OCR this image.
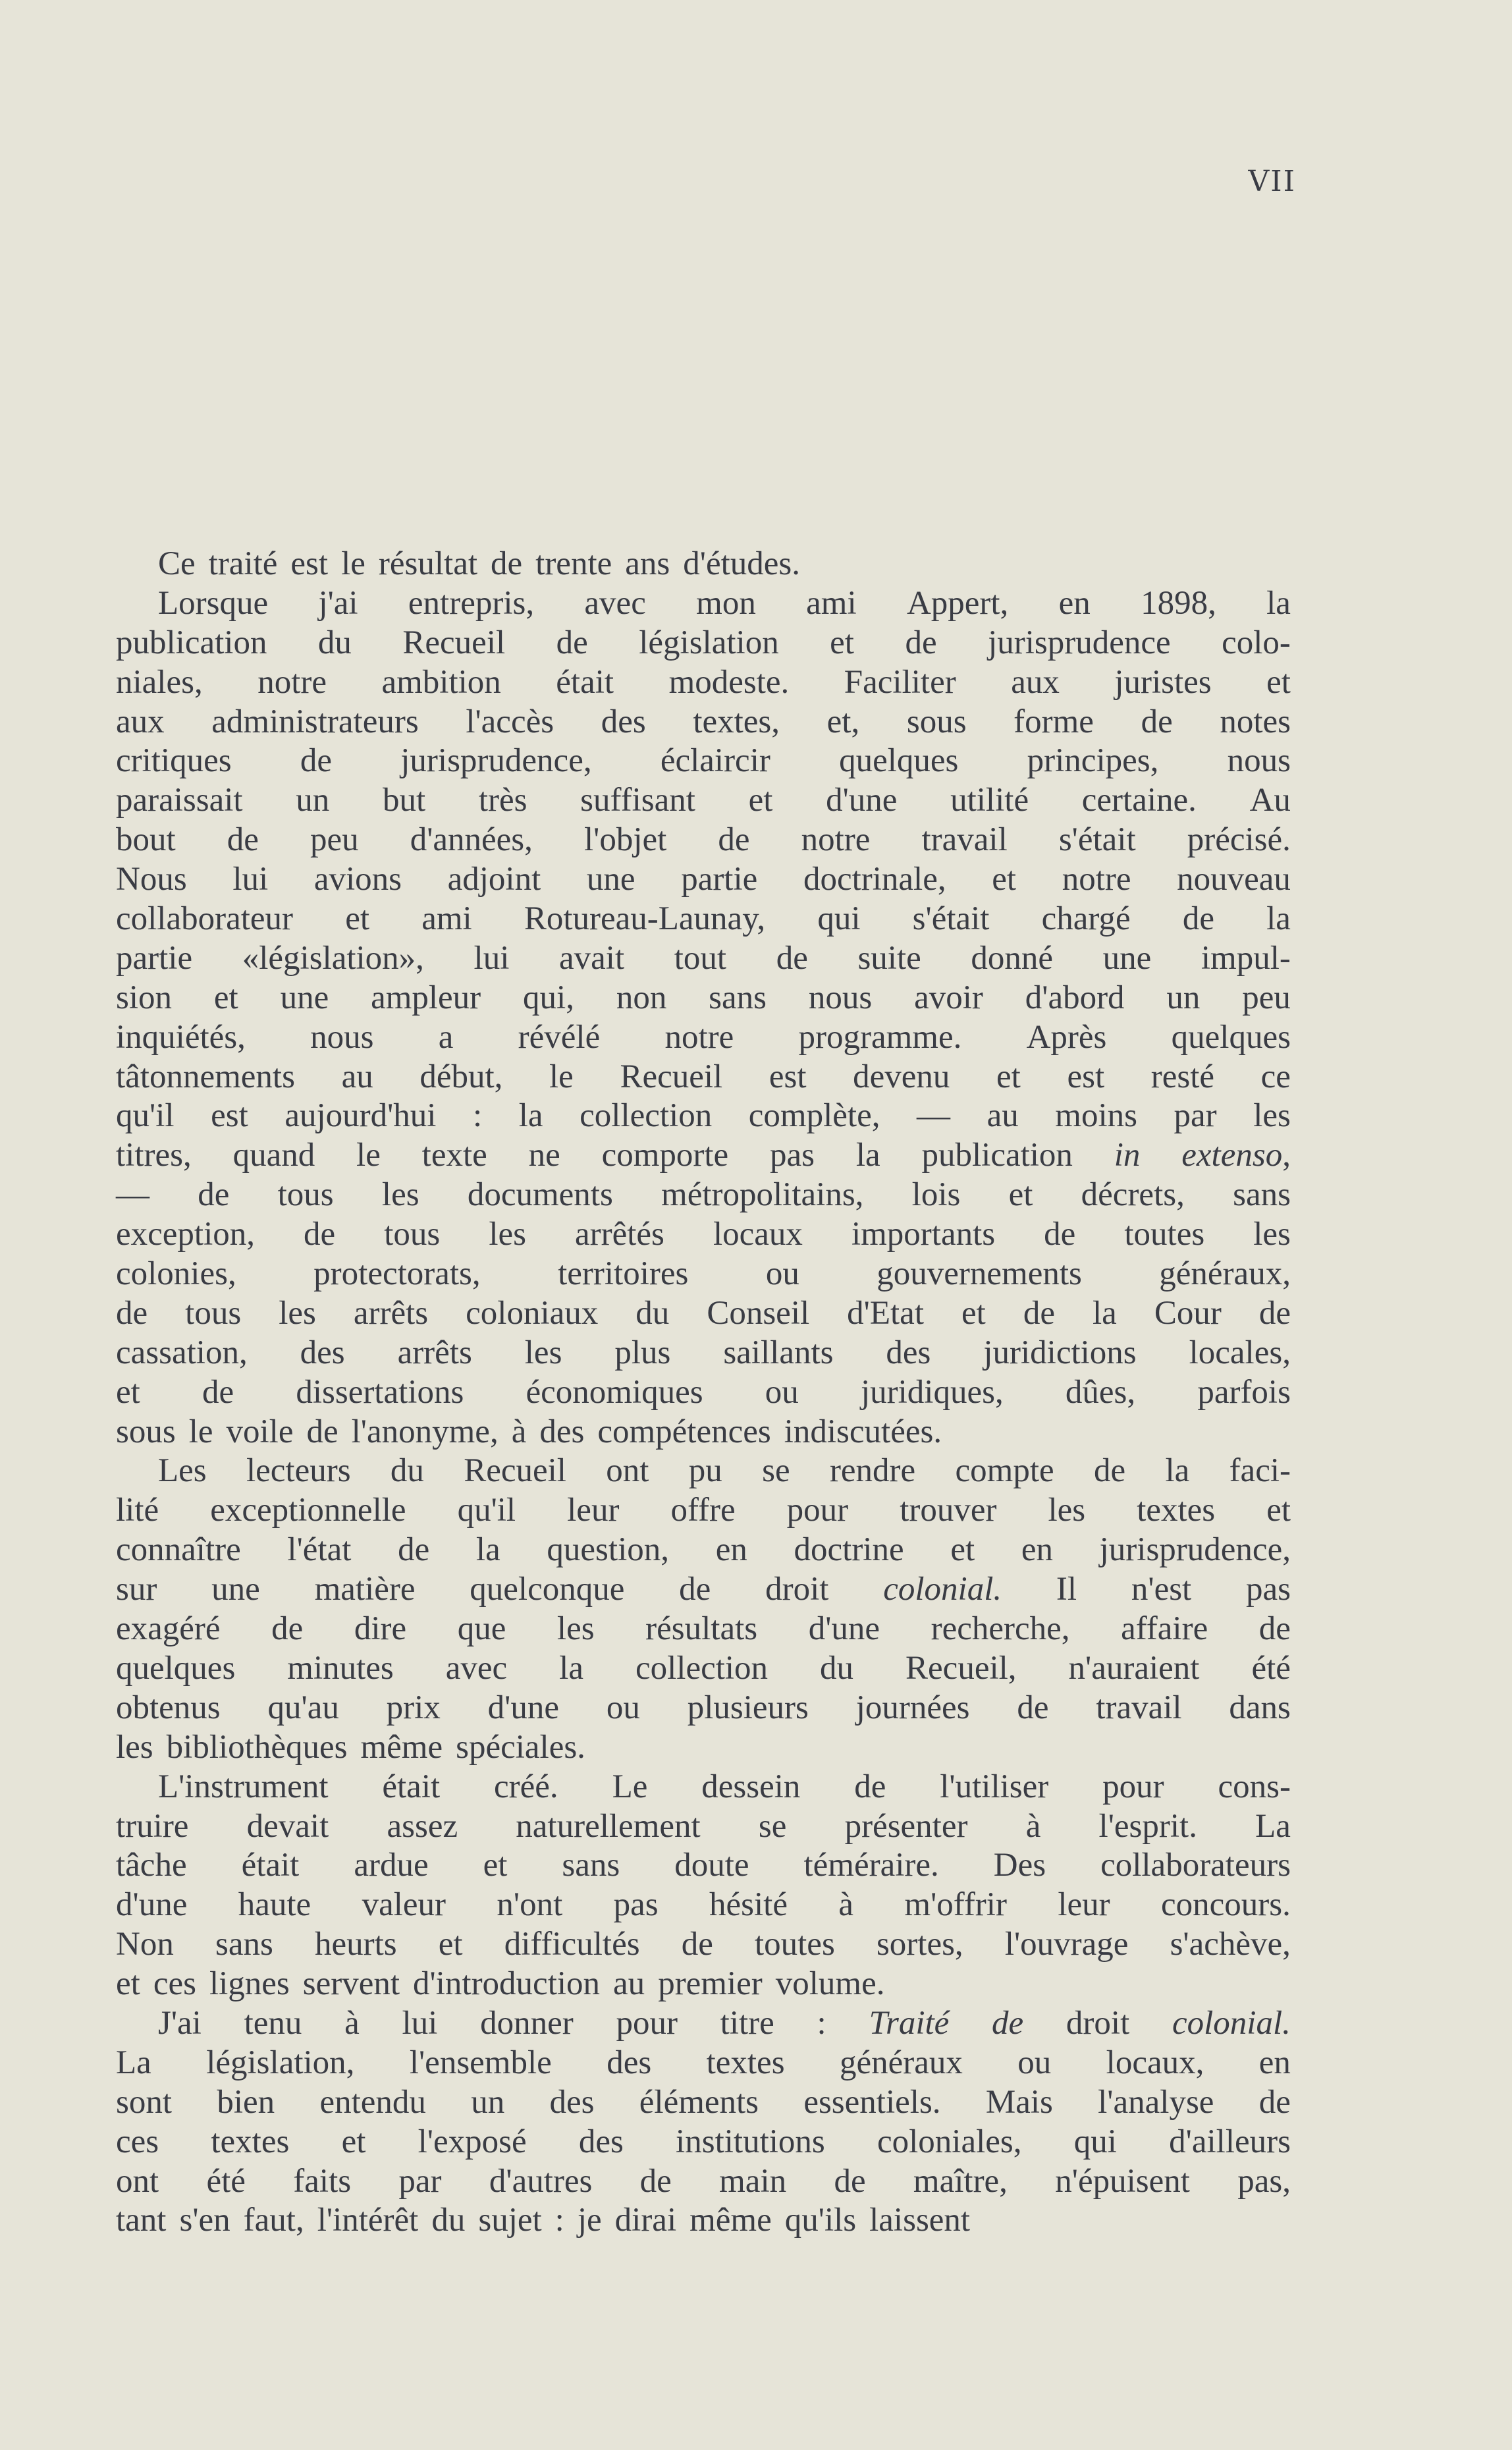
VII
Ce traité est le résultat de trente ans d'études.
Lorsque j'ai entrepris, avec mon ami Appert, en 1898, la
publication du Recueil de législation et de jurisprudence colo-
niales, notre ambition était modeste. Faciliter aux juristes et
aux administrateurs l'accès des textes, et, sous forme de notes
critiques de jurisprudence, éclaircir quelques principes, nous
paraissait un but très suffisant et d'une utilité certaine. Au
bout de peu d'années, l'objet de notre travail s'était précisé.
Nous lui avions adjoint une partie doctrinale, et notre nouveau
collaborateur et ami Rotureau-Launay, qui s'était chargé de la
partie «législation», lui avait tout de suite donné une impul-
sion et une ampleur qui, non sans nous avoir d'abord un peu
inquiétés, nous a révélé notre programme. Après quelques
tâtonnements au début, le Recueil est devenu et est resté ce
qu'il est aujourd'hui : la collection complète, — au moins par les
titres, quand le texte ne comporte pas la publication in extenso,
— de tous les documents métropolitains, lois et décrets, sans
exception, de tous les arrêtés locaux importants de toutes les
colonies, protectorats, territoires ou gouvernements généraux,
de tous les arrêts coloniaux du Conseil d'Etat et de la Cour de
cassation, des arrêts les plus saillants des juridictions locales,
et de dissertations économiques ou juridiques, dûes, parfois
sous le voile de l'anonyme, à des compétences indiscutées.
Les lecteurs du Recueil ont pu se rendre compte de la faci-
lité exceptionnelle qu'il leur offre pour trouver les textes et
connaître l'état de la question, en doctrine et en jurisprudence,
sur une matière quelconque de droit colonial. Il n'est pas
exagéré de dire que les résultats d'une recherche, affaire de
quelques minutes avec la collection du Recueil, n'auraient été
obtenus qu'au prix d'une ou plusieurs journées de travail dans
les bibliothèques même spéciales.
L'instrument était créé. Le dessein de l'utiliser pour cons-
truire devait assez naturellement se présenter à l'esprit. La
tâche était ardue et sans doute téméraire. Des collaborateurs
d'une haute valeur n'ont pas hésité à m'offrir leur concours.
Non sans heurts et difficultés de toutes sortes, l'ouvrage s'achève,
et ces lignes servent d'introduction au premier volume.
J'ai tenu à lui donner pour titre : Traité de droit colonial.
La législation, l'ensemble des textes généraux ou locaux, en
sont bien entendu un des éléments essentiels. Mais l'analyse de
ces textes et l'exposé des institutions coloniales, qui d'ailleurs
ont été faits par d'autres de main de maître, n'épuisent pas,
tant s'en faut, l'intérêt du sujet : je dirai même qu'ils laissent
